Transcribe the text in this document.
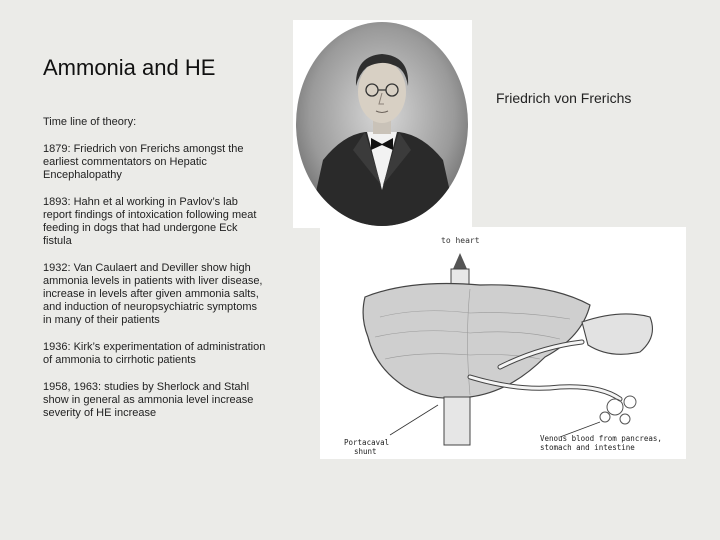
Ammonia and HE
Friedrich von Frerichs

Time line of theory:

1879: Friedrich von Frerichs amongst the earliest commentators on Hepatic Encephalopathy

1893: Hahn et al working in Pavlov’s lab report findings of intoxication following meat feeding in dogs that had undergone Eck fistula

1932: Van Caulaert and Deviller show high ammonia levels in patients with liver disease, increase in levels after given ammonia salts, and induction of neuropsychiatric symptoms in many of their patients

1936: Kirk’s experimentation of administration of ammonia to cirrhotic patients

1958, 1963: studies by Sherlock and Stahl show in general as ammonia level increase severity of HE increase

to heart
Portacaval
shunt
Venous blood from pancreas,
stomach and intestine
